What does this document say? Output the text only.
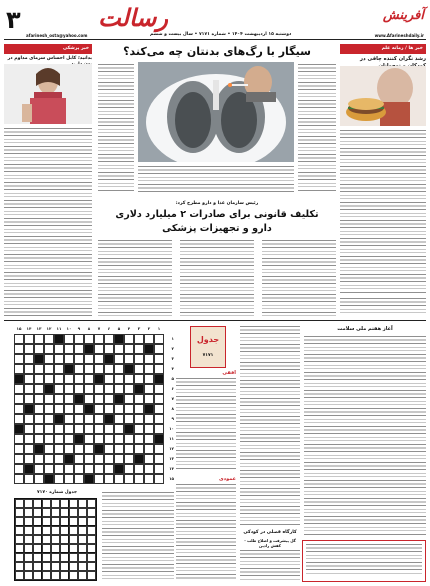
۳	رسالت	آفرینش
afarinesh_osta@yahoo.com	دوشنبه ۱۵ اردیبهشت ۱۴۰۴ • شماره ۷۱۷۱ • سال بیست و ششم	www.Afarineshdaily.ir
خبر ها / زمانه علم
رشد نگران کننده چاقی در
سیگار با رگ‌های بدنتان چه می‌کند؟
خبر پزشکی
بدانید؛ کابل احساس سرمای مداوم در
رئیس سازمان غذا و دارو مطرح کرد:
تکلیف قانونی برای صادرات ۲ میلیارد دلاری
دارو و تجهیزات پزشکی
۱
۲
۳
۴
۵
۶
۷
۸
۹
۱۰
۱۱
۱۲
۱۳
۱۴
۱۵
۱
۲
۳
۴
۵
۶
۷
۸
۹
۱۰
۱۱
۱۲
۱۳
۱۴
۱۵
جدول شماره ۷۱۷۰
جدول
۷۱۷۱
افقی
عمودی
کارگاه فصلی در کودکی
گل پیشرفت و اصلاح طلب - کفش رادین
آغاز هفتم ملی سلامت
